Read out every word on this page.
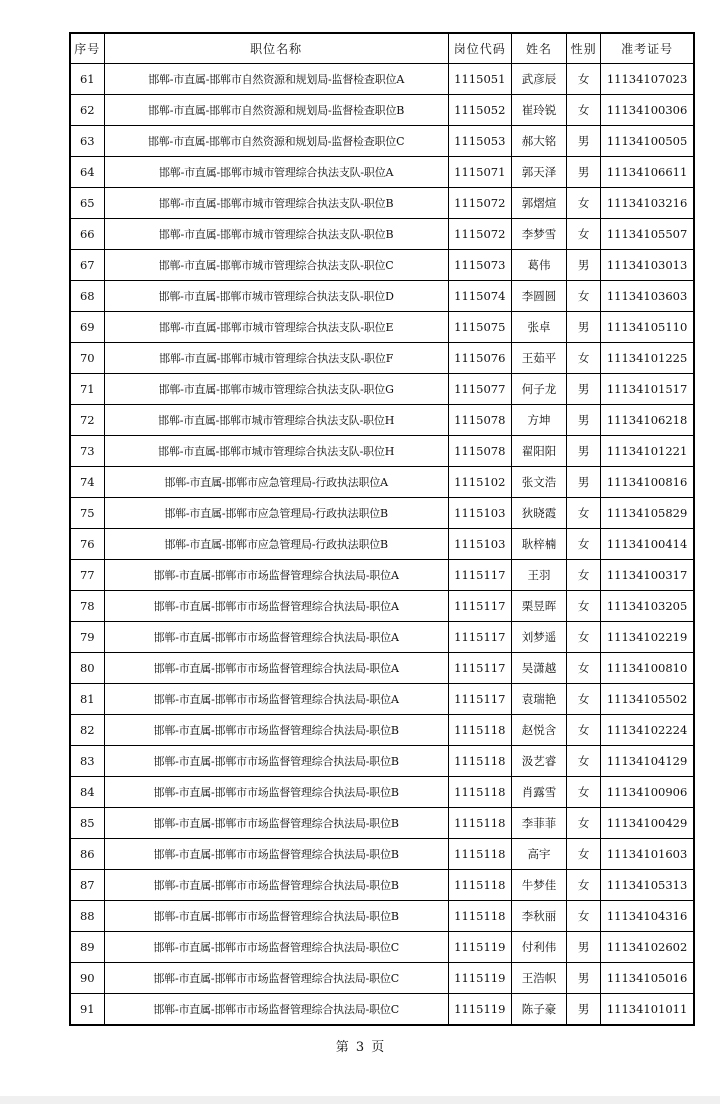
序号	职位名称	岗位代码	姓名	性别	准考证号
61	邯郸-市直属-邯郸市自然资源和规划局-监督检查职位A	1115051	武彦辰	女	11134107023
62	邯郸-市直属-邯郸市自然资源和规划局-监督检查职位B	1115052	崔玲锐	女	11134100306
63	邯郸-市直属-邯郸市自然资源和规划局-监督检查职位C	1115053	郝大铭	男	11134100505
64	邯郸-市直属-邯郸市城市管理综合执法支队-职位A	1115071	郭天泽	男	11134106611
65	邯郸-市直属-邯郸市城市管理综合执法支队-职位B	1115072	郭熠煊	女	11134103216
66	邯郸-市直属-邯郸市城市管理综合执法支队-职位B	1115072	李梦雪	女	11134105507
67	邯郸-市直属-邯郸市城市管理综合执法支队-职位C	1115073	葛伟	男	11134103013
68	邯郸-市直属-邯郸市城市管理综合执法支队-职位D	1115074	李圆圆	女	11134103603
69	邯郸-市直属-邯郸市城市管理综合执法支队-职位E	1115075	张卓	男	11134105110
70	邯郸-市直属-邯郸市城市管理综合执法支队-职位F	1115076	王茹平	女	11134101225
71	邯郸-市直属-邯郸市城市管理综合执法支队-职位G	1115077	何子龙	男	11134101517
72	邯郸-市直属-邯郸市城市管理综合执法支队-职位H	1115078	方坤	男	11134106218
73	邯郸-市直属-邯郸市城市管理综合执法支队-职位H	1115078	翟阳阳	男	11134101221
74	邯郸-市直属-邯郸市应急管理局-行政执法职位A	1115102	张文浩	男	11134100816
75	邯郸-市直属-邯郸市应急管理局-行政执法职位B	1115103	狄晓霞	女	11134105829
76	邯郸-市直属-邯郸市应急管理局-行政执法职位B	1115103	耿梓楠	女	11134100414
77	邯郸-市直属-邯郸市市场监督管理综合执法局-职位A	1115117	王羽	女	11134100317
78	邯郸-市直属-邯郸市市场监督管理综合执法局-职位A	1115117	栗昱晖	女	11134103205
79	邯郸-市直属-邯郸市市场监督管理综合执法局-职位A	1115117	刘梦遥	女	11134102219
80	邯郸-市直属-邯郸市市场监督管理综合执法局-职位A	1115117	吴潇越	女	11134100810
81	邯郸-市直属-邯郸市市场监督管理综合执法局-职位A	1115117	袁瑞艳	女	11134105502
82	邯郸-市直属-邯郸市市场监督管理综合执法局-职位B	1115118	赵悦含	女	11134102224
83	邯郸-市直属-邯郸市市场监督管理综合执法局-职位B	1115118	汲艺睿	女	11134104129
84	邯郸-市直属-邯郸市市场监督管理综合执法局-职位B	1115118	肖露雪	女	11134100906
85	邯郸-市直属-邯郸市市场监督管理综合执法局-职位B	1115118	李菲菲	女	11134100429
86	邯郸-市直属-邯郸市市场监督管理综合执法局-职位B	1115118	高宇	女	11134101603
87	邯郸-市直属-邯郸市市场监督管理综合执法局-职位B	1115118	牛梦佳	女	11134105313
88	邯郸-市直属-邯郸市市场监督管理综合执法局-职位B	1115118	李秋丽	女	11134104316
89	邯郸-市直属-邯郸市市场监督管理综合执法局-职位C	1115119	付利伟	男	11134102602
90	邯郸-市直属-邯郸市市场监督管理综合执法局-职位C	1115119	王浩帜	男	11134105016
91	邯郸-市直属-邯郸市市场监督管理综合执法局-职位C	1115119	陈子豪	男	11134101011
第 3 页
